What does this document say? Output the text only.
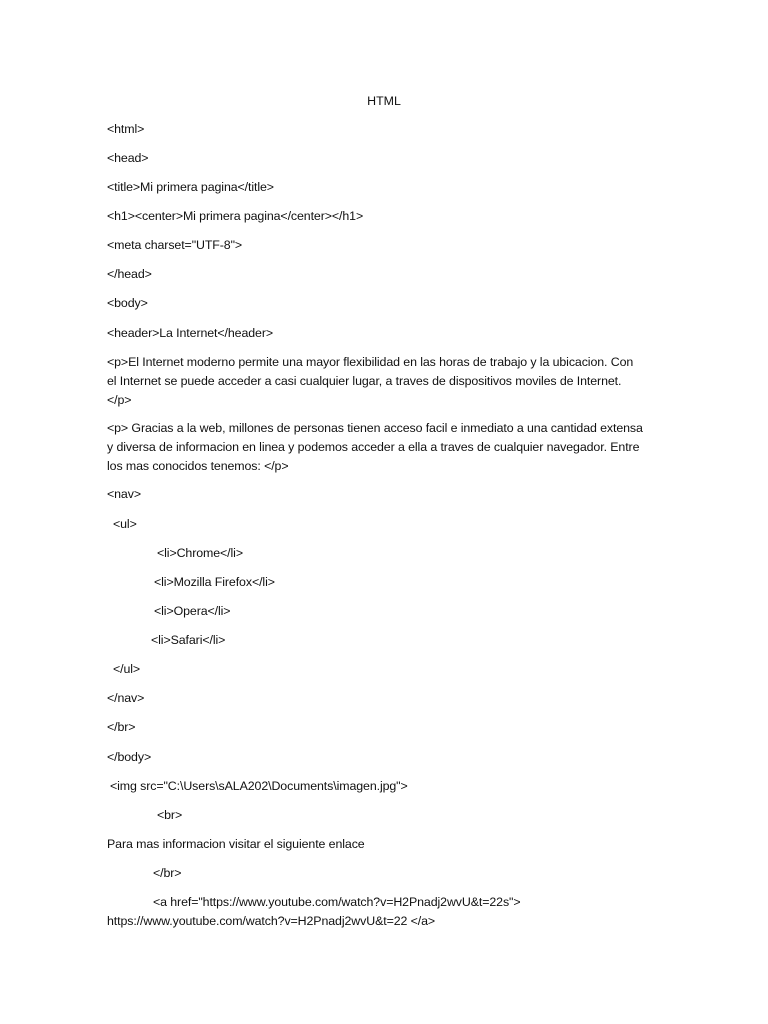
HTML
<html>
<head>
<title>Mi primera pagina</title>
<h1><center>Mi primera pagina</center></h1>
<meta charset="UTF-8">
</head>
<body>
<header>La Internet</header>
<p>El Internet moderno permite una mayor flexibilidad en las horas de trabajo y la ubicacion. Con
el Internet se puede acceder a casi cualquier lugar, a traves de dispositivos moviles de Internet.
</p>
<p> Gracias a la web, millones de personas tienen acceso facil e inmediato a una cantidad extensa
y diversa de informacion en linea y podemos acceder a ella a traves de cualquier navegador. Entre
los mas conocidos tenemos: </p>
<nav>
<ul>
<li>Chrome</li>
<li>Mozilla Firefox</li>
<li>Opera</li>
<li>Safari</li>
</ul>
</nav>
</br>
</body>
<img src="C:\Users\sALA202\Documents\imagen.jpg">
<br>
Para mas informacion visitar el siguiente enlace
</br>
<a href="https://www.youtube.com/watch?v=H2Pnadj2wvU&t=22s">
https://www.youtube.com/watch?v=H2Pnadj2wvU&t=22 </a>
